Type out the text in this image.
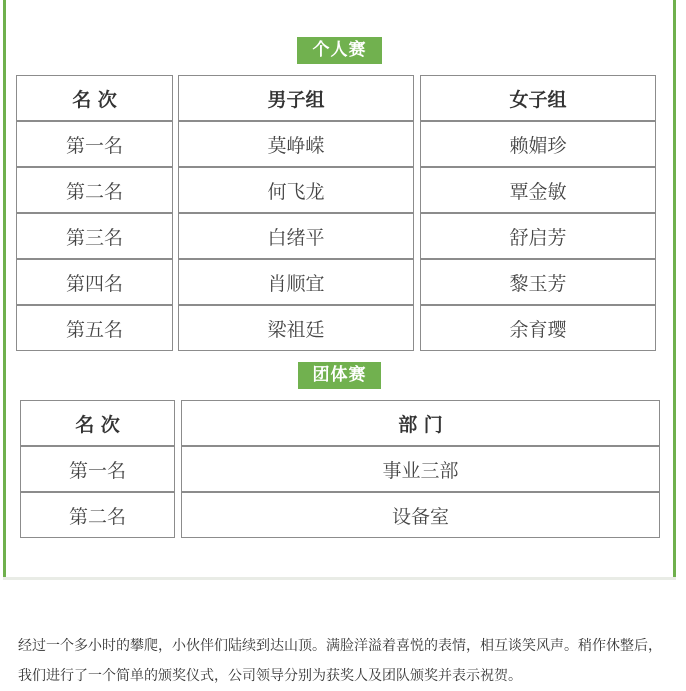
个人赛
名 次	男子组	女子组
第一名	莫峥嵘	赖媚珍
第二名	何飞龙	覃金敏
第三名	白绪平	舒启芳
第四名	肖顺宜	黎玉芳
第五名	梁祖廷	余育璎
团体赛
名 次	部 门
第一名	事业三部
第二名	设备室

经过一个多小时的攀爬，小伙伴们陆续到达山顶。满脸洋溢着喜悦的表情，相互谈笑风声。稍作休整后，我们进行了一个简单的颁奖仪式，公司领导分别为获奖人及团队颁奖并表示祝贺。
